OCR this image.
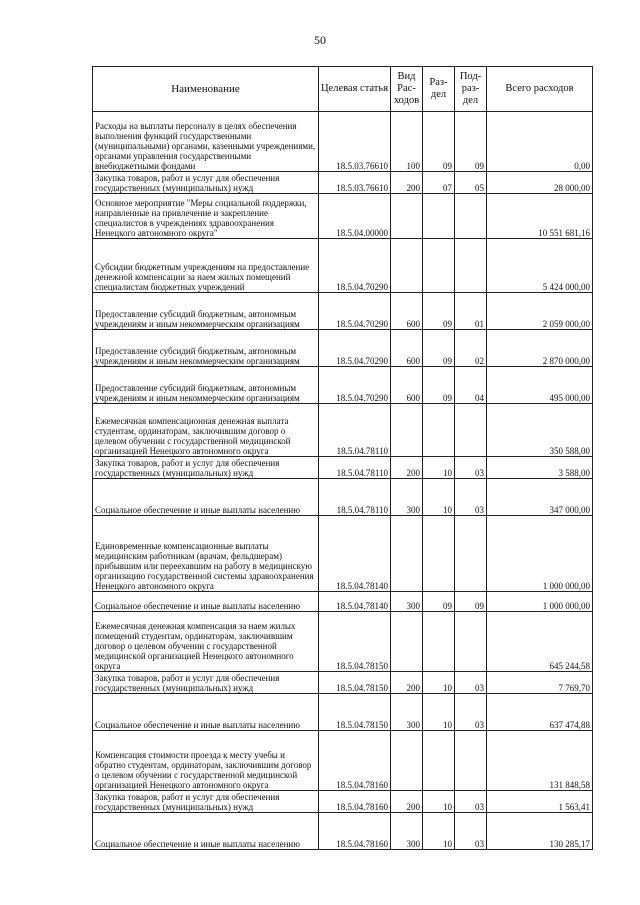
50
Наименование	Целевая статья	Вид Рас-ходов	Раз-дел	Под-раз-дел	Всего расходов
Расходы на выплаты персоналу в целях обеспечения выполнения функций государственными (муниципальными) органами, казенными учреждениями, органами управления государственными внебюджетными фондами	18.5.03.76610	100	09	09	0,00
Закупка товаров, работ и услуг для обеспечения государственных (муниципальных) нужд	18.5.03.76610	200	07	05	28 000,00
Основное мероприятие "Меры социальной поддержки, направленные на привлечение и закрепление специалистов в учреждениях здравоохранения Ненецкого автономного округа"	18.5.04.00000				10 551 681,16
Субсидии бюджетным учреждениям на предоставление денежной компенсации за наем жилых помещений специалистам бюджетных учреждений	18.5.04.70290				5 424 000,00
Предоставление субсидий бюджетным, автономным учреждениям и иным некоммерческим организациям	18.5.04.70290	600	09	01	2 059 000,00
Предоставление субсидий бюджетным, автономным учреждениям и иным некоммерческим организациям	18.5.04.70290	600	09	02	2 870 000,00
Предоставление субсидий бюджетным, автономным учреждениям и иным некоммерческим организациям	18.5.04.70290	600	09	04	495 000,00
Ежемесячная компенсационная денежная выплата студентам, ординаторам, заключившим договор о целевом обучении с государственной медицинской организацией Ненецкого автономного округа	18.5.04.78110				350 588,00
Закупка товаров, работ и услуг для обеспечения государственных (муниципальных) нужд	18.5.04.78110	200	10	03	3 588,00
Социальное обеспечение и иные выплаты населению	18.5.04.78110	300	10	03	347 000,00
Единовременные компенсационные выплаты медицинским работникам (врачам, фельдшерам) прибывшим или переехавшим на работу в медицинскую организацию государственной системы здравоохранения Ненецкого автономного округа	18.5.04.78140				1 000 000,00
Социальное обеспечение и иные выплаты населению	18.5.04.78140	300	09	09	1 000 000,00
Ежемесячная денежная компенсация за наем жилых помещений студентам, ординаторам, заключившим договор о целевом обучении с государственной медицинской организацией Ненецкого автономного округа	18.5.04.78150				645 244,58
Закупка товаров, работ и услуг для обеспечения государственных (муниципальных) нужд	18.5.04.78150	200	10	03	7 769,70
Социальное обеспечение и иные выплаты населению	18.5.04.78150	300	10	03	637 474,88
Компенсация стоимости проезда к месту учебы и обратно студентам, ординаторам, заключившим договор о целевом обучении с государственной медицинской организацией Ненецкого автономного округа	18.5.04.78160				131 848,58
Закупка товаров, работ и услуг для обеспечения государственных (муниципальных) нужд	18.5.04.78160	200	10	03	1 563,41
Социальное обеспечение и иные выплаты населению	18.5.04.78160	300	10	03	130 285,17
